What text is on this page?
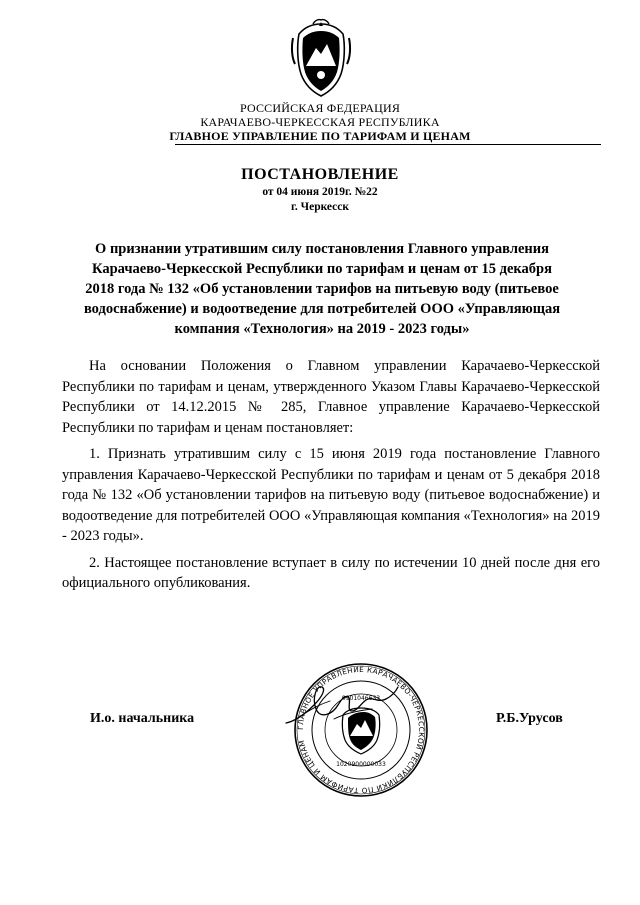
РОССИЙСКАЯ ФЕДЕРАЦИЯ
КАРАЧАЕВО-ЧЕРКЕССКАЯ РЕСПУБЛИКА
ГЛАВНОЕ УПРАВЛЕНИЕ ПО ТАРИФАМ И ЦЕНАМ
ПОСТАНОВЛЕНИЕ
от 04 июня 2019г. №22
г. Черкесск
О признании утратившим силу постановления Главного управления
Карачаево-Черкесской Республики по тарифам и ценам от 15 декабря
2018 года № 132 «Об установлении тарифов на питьевую воду (питьевое
водоснабжение) и водоотведение для потребителей ООО «Управляющая
компания «Технология» на 2019 - 2023 годы»

На основании Положения о Главном управлении Карачаево-Черкесской Республики по тарифам и ценам, утвержденного Указом Главы Карачаево-Черкесской Республики от 14.12.2015 № 285, Главное управление Карачаево-Черкесской Республики по тарифам и ценам постановляет:

1. Признать утратившим силу с 15 июня 2019 года постановление Главного управления Карачаево-Черкесской Республики по тарифам и ценам от 5 декабря 2018 года № 132 «Об установлении тарифов на питьевую воду (питьевое водоснабжение) и водоотведение для потребителей ООО «Управляющая компания «Технология» на 2019 - 2023 годы».

2. Настоящее постановление вступает в силу по истечении 10 дней после дня его официального опубликования.

ГЛАВНОЕ УПРАВЛЕНИЕ КАРАЧАЕВО-ЧЕРКЕССКОЙ РЕСПУБЛИКИ ПО ТАРИФАМ И ЦЕНАМ
0901046633
1020900000033
И.о. начальника	Р.Б.Урусов
